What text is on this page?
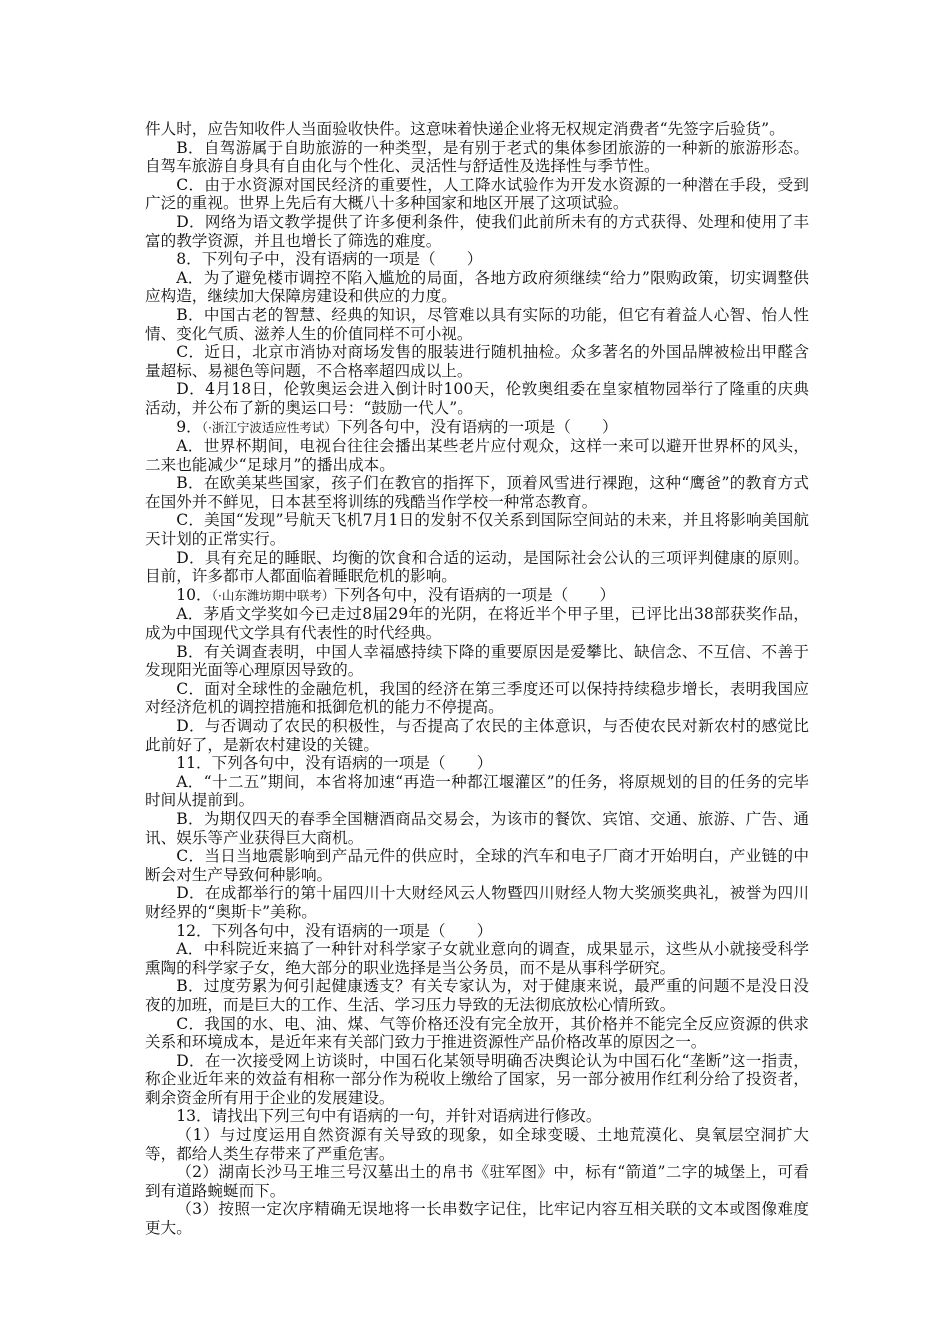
件人时，应告知收件人当面验收快件。这意味着快递企业将无权规定消费者“先签字后验货”。

B．自驾游属于自助旅游的一种类型，是有别于老式的集体参团旅游的一种新的旅游形态。自驾车旅游自身具有自由化与个性化、灵活性与舒适性及选择性与季节性。

C．由于水资源对国民经济的重要性，人工降水试验作为开发水资源的一种潜在手段，受到广泛的重视。世界上先后有大概八十多种国家和地区开展了这项试验。

D．网络为语文教学提供了许多便利条件，使我们此前所未有的方式获得、处理和使用了丰富的教学资源，并且也增长了筛选的难度。

8．下列句子中，没有语病的一项是（　　）

A．为了避免楼市调控不陷入尴尬的局面，各地方政府须继续“给力”限购政策，切实调整供应构造，继续加大保障房建设和供应的力度。

B．中国古老的智慧、经典的知识，尽管难以具有实际的功能，但它有着益人心智、怡人性情、变化气质、滋养人生的价值同样不可小视。

C．近日，北京市消协对商场发售的服装进行随机抽检。众多著名的外国品牌被检出甲醛含量超标、易褪色等问题，不合格率超四成以上。

D．4月18日，伦敦奥运会进入倒计时100天，伦敦奥组委在皇家植物园举行了隆重的庆典活动，并公布了新的奥运口号：“鼓励一代人”。

9．（·浙江宁波适应性考试）下列各句中，没有语病的一项是（　　）

A．世界杯期间，电视台往往会播出某些老片应付观众，这样一来可以避开世界杯的风头，二来也能减少“足球月”的播出成本。

B．在欧美某些国家，孩子们在教官的指挥下，顶着风雪进行裸跑，这种“鹰爸”的教育方式在国外并不鲜见，日本甚至将训练的残酷当作学校一种常态教育。

C．美国“发现”号航天飞机7月1日的发射不仅关系到国际空间站的未来，并且将影响美国航天计划的正常实行。

D．具有充足的睡眠、均衡的饮食和合适的运动，是国际社会公认的三项评判健康的原则。目前，许多都市人都面临着睡眠危机的影响。

10．（·山东潍坊期中联考）下列各句中，没有语病的一项是（　　）

A．茅盾文学奖如今已走过8届29年的光阴，在将近半个甲子里，已评比出38部获奖作品，成为中国现代文学具有代表性的时代经典。

B．有关调查表明，中国人幸福感持续下降的重要原因是爱攀比、缺信念、不互信、不善于发现阳光面等心理原因导致的。

C．面对全球性的金融危机，我国的经济在第三季度还可以保持持续稳步增长，表明我国应对经济危机的调控措施和抵御危机的能力不停提高。

D．与否调动了农民的积极性，与否提高了农民的主体意识，与否使农民对新农村的感觉比此前好了，是新农村建设的关键。

11．下列各句中，没有语病的一项是（　　）

A．“十二五”期间，本省将加速“再造一种都江堰灌区”的任务，将原规划的目的任务的完毕时间从提前到。

B．为期仅四天的春季全国糖酒商品交易会，为该市的餐饮、宾馆、交通、旅游、广告、通讯、娱乐等产业获得巨大商机。

C．当日当地震影响到产品元件的供应时，全球的汽车和电子厂商才开始明白，产业链的中断会对生产导致何种影响。

D．在成都举行的第十届四川十大财经风云人物暨四川财经人物大奖颁奖典礼，被誉为四川财经界的“奥斯卡”美称。

12．下列各句中，没有语病的一项是（　　）

A．中科院近来搞了一种针对科学家子女就业意向的调查，成果显示，这些从小就接受科学熏陶的科学家子女，绝大部分的职业选择是当公务员，而不是从事科学研究。

B．过度劳累为何引起健康透支？有关专家认为，对于健康来说，最严重的问题不是没日没夜的加班，而是巨大的工作、生活、学习压力导致的无法彻底放松心情所致。

C．我国的水、电、油、煤、气等价格还没有完全放开，其价格并不能完全反应资源的供求关系和环境成本，是近年来有关部门致力于推进资源性产品价格改革的原因之一。

D．在一次接受网上访谈时，中国石化某领导明确否决舆论认为中国石化“垄断”这一指责，称企业近年来的效益有相称一部分作为税收上缴给了国家，另一部分被用作红利分给了投资者，剩余资金所有用于企业的发展建设。

13．请找出下列三句中有语病的一句，并针对语病进行修改。

（1）与过度运用自然资源有关导致的现象，如全球变暖、土地荒漠化、臭氧层空洞扩大等，都给人类生存带来了严重危害。

（2）湖南长沙马王堆三号汉墓出土的帛书《驻军图》中，标有“箭道”二字的城堡上，可看到有道路蜿蜒而下。

（3）按照一定次序精确无误地将一长串数字记住，比牢记内容互相关联的文本或图像难度更大。
